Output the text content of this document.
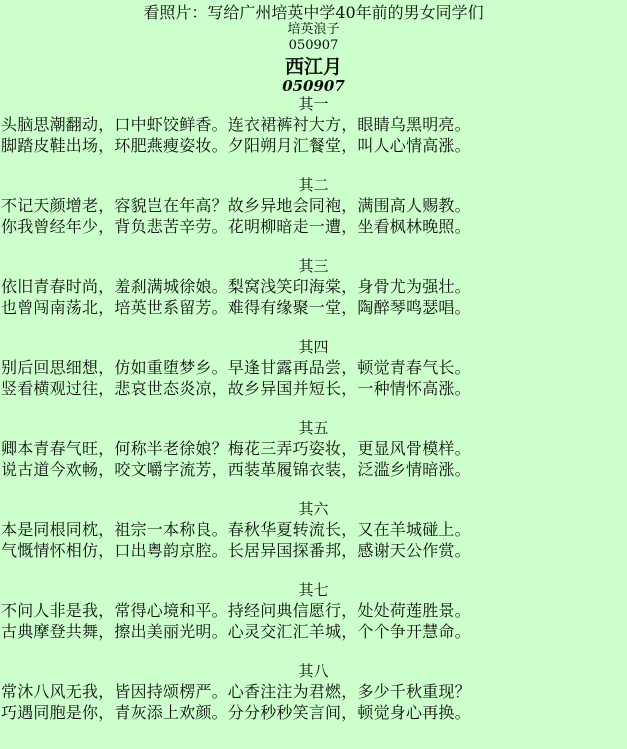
看照片：写给广州培英中学40年前的男女同学们
培英浪子
050907
西江月
050907
其一
头脑思潮翻动，口中虾饺鲜香。连衣裙裤衬大方，眼睛乌黑明亮。
脚踏皮鞋出场，环肥燕瘦姿妆。夕阳朔月汇餐堂，叫人心情高涨。
其二
不记天颜增老，容貌岂在年高？故乡异地会同袍，满围高人赐教。
你我曾经年少，背负悲苦辛劳。花明柳暗走一遭，坐看枫林晚照。
其三
依旧青春时尚，羞刹满城徐娘。梨窝浅笑印海棠，身骨尤为强壮。
也曾闯南荡北，培英世系留芳。难得有缘聚一堂，陶醉琴鸣瑟唱。
其四
别后回思细想，仿如重堕梦乡。早逢甘露再品尝，顿觉青春气长。
竖看横观过往，悲哀世态炎凉，故乡异国并短长，一种情怀高涨。
其五
卿本青春气旺，何称半老徐娘？梅花三弄巧姿妆，更显风骨模样。
说古道今欢畅，咬文嚼字流芳，西装革履锦衣装，泛滥乡情暗涨。
其六
本是同根同枕，祖宗一本称良。春秋华夏转流长，又在羊城碰上。
气慨情怀相仿，口出粤韵京腔。长居异国探番邦，感谢天公作赏。
其七
不问人非是我，常得心境和平。持经问典信愿行，处处荷莲胜景。
古典摩登共舞，擦出美丽光明。心灵交汇汇羊城，个个争开慧命。
其八
常沐八风无我，皆因持颂楞严。心香注注为君燃，多少千秋重现？
巧遇同胞是你，青灰添上欢颜。分分秒秒笑言间，顿觉身心再换。
